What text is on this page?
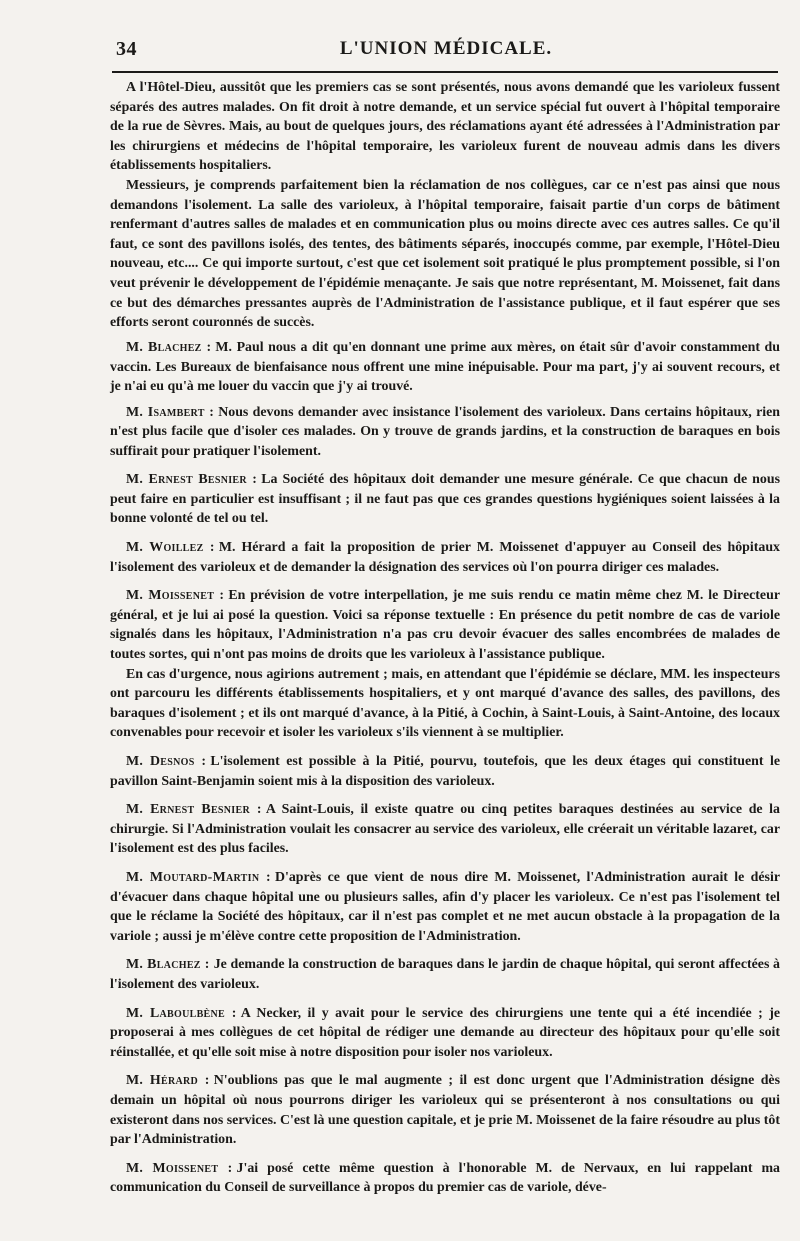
34	L'UNION MÉDICALE.

A l'Hôtel-Dieu, aussitôt que les premiers cas se sont présentés, nous avons demandé que les varioleux fussent séparés des autres malades. On fit droit à notre demande, et un service spécial fut ouvert à l'hôpital temporaire de la rue de Sèvres. Mais, au bout de quelques jours, des réclamations ayant été adressées à l'Administration par les chirurgiens et médecins de l'hôpital temporaire, les varioleux furent de nouveau admis dans les divers établissements hospitaliers.

Messieurs, je comprends parfaitement bien la réclamation de nos collègues, car ce n'est pas ainsi que nous demandons l'isolement. La salle des varioleux, à l'hôpital temporaire, faisait partie d'un corps de bâtiment renfermant d'autres salles de malades et en communication plus ou moins directe avec ces autres salles. Ce qu'il faut, ce sont des pavillons isolés, des tentes, des bâtiments séparés, inoccupés comme, par exemple, l'Hôtel-Dieu nouveau, etc.... Ce qui importe surtout, c'est que cet isolement soit pratiqué le plus promptement possible, si l'on veut prévenir le développement de l'épidémie menaçante. Je sais que notre représentant, M. Moissenet, fait dans ce but des démarches pressantes auprès de l'Administration de l'assistance publique, et il faut espérer que ses efforts seront couronnés de succès.

M. Blachez : M. Paul nous a dit qu'en donnant une prime aux mères, on était sûr d'avoir constamment du vaccin. Les Bureaux de bienfaisance nous offrent une mine inépuisable. Pour ma part, j'y ai souvent recours, et je n'ai eu qu'à me louer du vaccin que j'y ai trouvé.

M. Isambert : Nous devons demander avec insistance l'isolement des varioleux. Dans certains hôpitaux, rien n'est plus facile que d'isoler ces malades. On y trouve de grands jardins, et la construction de baraques en bois suffirait pour pratiquer l'isolement.

M. Ernest Besnier : La Société des hôpitaux doit demander une mesure générale. Ce que chacun de nous peut faire en particulier est insuffisant ; il ne faut pas que ces grandes questions hygiéniques soient laissées à la bonne volonté de tel ou tel.

M. Woillez : M. Hérard a fait la proposition de prier M. Moissenet d'appuyer au Conseil des hôpitaux l'isolement des varioleux et de demander la désignation des services où l'on pourra diriger ces malades.

M. Moissenet : En prévision de votre interpellation, je me suis rendu ce matin même chez M. le Directeur général, et je lui ai posé la question. Voici sa réponse textuelle : En présence du petit nombre de cas de variole signalés dans les hôpitaux, l'Administration n'a pas cru devoir évacuer des salles encombrées de malades de toutes sortes, qui n'ont pas moins de droits que les varioleux à l'assistance publique.

En cas d'urgence, nous agirions autrement ; mais, en attendant que l'épidémie se déclare, MM. les inspecteurs ont parcouru les différents établissements hospitaliers, et y ont marqué d'avance des salles, des pavillons, des baraques d'isolement ; et ils ont marqué d'avance, à la Pitié, à Cochin, à Saint-Louis, à Saint-Antoine, des locaux convenables pour recevoir et isoler les varioleux s'ils viennent à se multiplier.

M. Desnos : L'isolement est possible à la Pitié, pourvu, toutefois, que les deux étages qui constituent le pavillon Saint-Benjamin soient mis à la disposition des varioleux.

M. Ernest Besnier : A Saint-Louis, il existe quatre ou cinq petites baraques destinées au service de la chirurgie. Si l'Administration voulait les consacrer au service des varioleux, elle créerait un véritable lazaret, car l'isolement est des plus faciles.

M. Moutard-Martin : D'après ce que vient de nous dire M. Moissenet, l'Administration aurait le désir d'évacuer dans chaque hôpital une ou plusieurs salles, afin d'y placer les varioleux. Ce n'est pas l'isolement tel que le réclame la Société des hôpitaux, car il n'est pas complet et ne met aucun obstacle à la propagation de la variole ; aussi je m'élève contre cette proposition de l'Administration.

M. Blachez : Je demande la construction de baraques dans le jardin de chaque hôpital, qui seront affectées à l'isolement des varioleux.

M. Laboulbène : A Necker, il y avait pour le service des chirurgiens une tente qui a été incendiée ; je proposerai à mes collègues de cet hôpital de rédiger une demande au directeur des hôpitaux pour qu'elle soit réinstallée, et qu'elle soit mise à notre disposition pour isoler nos varioleux.

M. Hérard : N'oublions pas que le mal augmente ; il est donc urgent que l'Administration désigne dès demain un hôpital où nous pourrons diriger les varioleux qui se présenteront à nos consultations ou qui existeront dans nos services. C'est là une question capitale, et je prie M. Moissenet de la faire résoudre au plus tôt par l'Administration.

M. Moissenet : J'ai posé cette même question à l'honorable M. de Nervaux, en lui rappelant ma communication du Conseil de surveillance à propos du premier cas de variole, déve-
